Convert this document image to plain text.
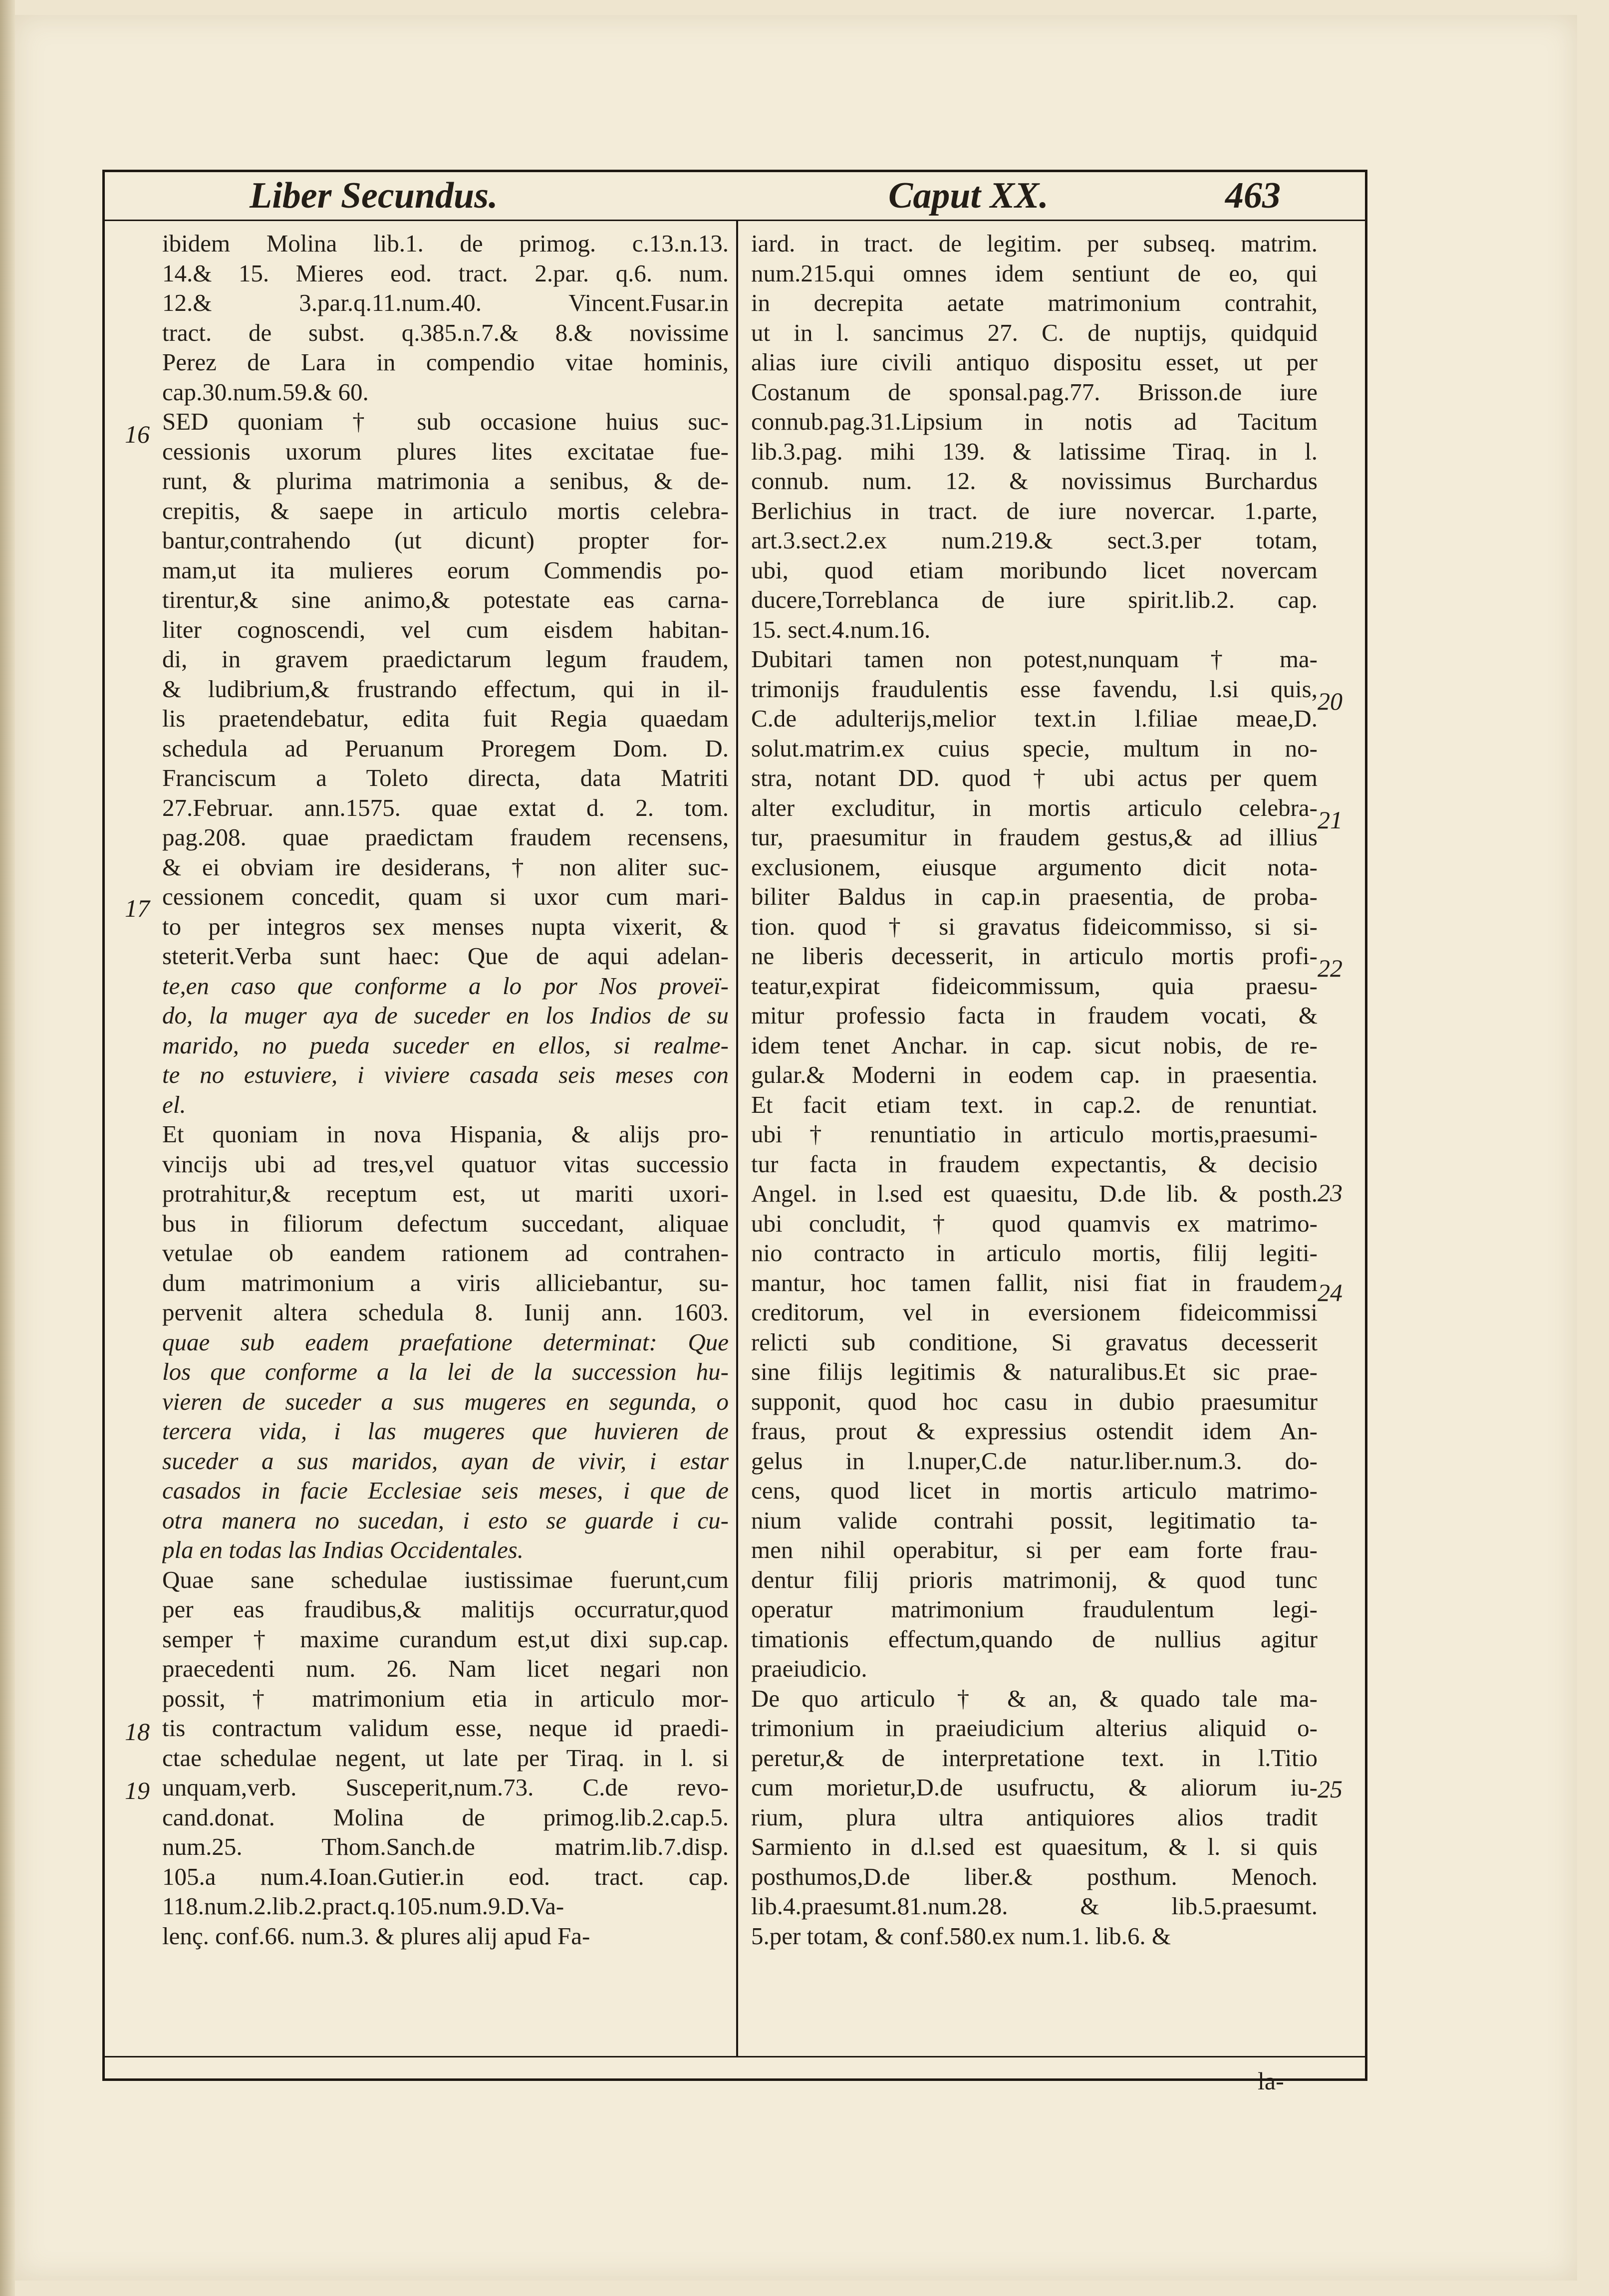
Liber Secundus.	Caput XX.	463
ibidem Molina lib.1. de primog. c.13.n.13.
14.& 15. Mieres eod. tract. 2.par. q.6. num.
12.& 3.par.q.11.num.40. Vincent.Fusar.in
tract. de subst. q.385.n.7.& 8.& novissime
Perez de Lara in compendio vitae hominis,
cap.30.num.59.& 60.
SED quoniam † sub occasione huius suc-
cessionis uxorum plures lites excitatae fue-
runt, & plurima matrimonia a senibus, & de-
crepitis, & saepe in articulo mortis celebra-
bantur,contrahendo (ut dicunt) propter for-
mam,ut ita mulieres eorum Commendis po-
tirentur,& sine animo,& potestate eas carna-
liter cognoscendi, vel cum eisdem habitan-
di, in gravem praedictarum legum fraudem,
& ludibrium,& frustrando effectum, qui in il-
lis praetendebatur, edita fuit Regia quaedam
schedula ad Peruanum Proregem Dom. D.
Franciscum a Toleto directa, data Matriti
27.Februar. ann.1575. quae extat d. 2. tom.
pag.208. quae praedictam fraudem recensens,
& ei obviam ire desiderans, † non aliter suc-
cessionem concedit, quam si uxor cum mari-
to per integros sex menses nupta vixerit, &
steterit.Verba sunt haec: Que de aqui adelan-
te,en caso que conforme a lo por Nos proveï-
do, la muger aya de suceder en los Indios de su
marido, no pueda suceder en ellos, si realme-
te no estuviere, i viviere casada seis meses con
el.
Et quoniam in nova Hispania, & alijs pro-
vincijs ubi ad tres,vel quatuor vitas successio
protrahitur,& receptum est, ut mariti uxori-
bus in filiorum defectum succedant, aliquae
vetulae ob eandem rationem ad contrahen-
dum matrimonium a viris alliciebantur, su-
pervenit altera schedula 8. Iunij ann. 1603.
quae sub eadem praefatione determinat: Que
los que conforme a la lei de la succession hu-
vieren de suceder a sus mugeres en segunda, o
tercera vida, i las mugeres que huvieren de
suceder a sus maridos, ayan de vivir, i estar
casados in facie Ecclesiae seis meses, i que de
otra manera no sucedan, i esto se guarde i cu-
pla en todas las Indias Occidentales.
Quae sane schedulae iustissimae fuerunt,cum
per eas fraudibus,& malitijs occurratur,quod
semper † maxime curandum est,ut dixi sup.cap.
praecedenti num. 26. Nam licet negari non
possit, † matrimonium etia in articulo mor-
tis contractum validum esse, neque id praedi-
ctae schedulae negent, ut late per Tiraq. in l. si
unquam,verb. Susceperit,num.73. C.de revo-
cand.donat. Molina de primog.lib.2.cap.5.
num.25. Thom.Sanch.de matrim.lib.7.disp.
105.a num.4.Ioan.Gutier.in eod. tract. cap.
118.num.2.lib.2.pract.q.105.num.9.D.Va-
lenç. conf.66. num.3. & plures alij apud Fa-
iard. in tract. de legitim. per subseq. matrim.
num.215.qui omnes idem sentiunt de eo, qui
in decrepita aetate matrimonium contrahit,
ut in l. sancimus 27. C. de nuptijs, quidquid
alias iure civili antiquo dispositu esset, ut per
Costanum de sponsal.pag.77. Brisson.de iure
connub.pag.31.Lipsium in notis ad Tacitum
lib.3.pag. mihi 139. & latissime Tiraq. in l.
connub. num. 12. & novissimus Burchardus
Berlichius in tract. de iure novercar. 1.parte,
art.3.sect.2.ex num.219.& sect.3.per totam,
ubi, quod etiam moribundo licet novercam
ducere,Torreblanca de iure spirit.lib.2. cap.
15. sect.4.num.16.
Dubitari tamen non potest,nunquam † ma-
trimonijs fraudulentis esse favendu, l.si quis,
C.de adulterijs,melior text.in l.filiae meae,D.
solut.matrim.ex cuius specie, multum in no-
stra, notant DD. quod † ubi actus per quem
alter excluditur, in mortis articulo celebra-
tur, praesumitur in fraudem gestus,& ad illius
exclusionem, eiusque argumento dicit nota-
biliter Baldus in cap.in praesentia, de proba-
tion. quod † si gravatus fideicommisso, si si-
ne liberis decesserit, in articulo mortis profi-
teatur,expirat fideicommissum, quia praesu-
mitur professio facta in fraudem vocati, &
idem tenet Anchar. in cap. sicut nobis, de re-
gular.& Moderni in eodem cap. in praesentia.
Et facit etiam text. in cap.2. de renuntiat.
ubi † renuntiatio in articulo mortis,praesumi-
tur facta in fraudem expectantis, & decisio
Angel. in l.sed est quaesitu, D.de lib. & posth.
ubi concludit, † quod quamvis ex matrimo-
nio contracto in articulo mortis, filij legiti-
mantur, hoc tamen fallit, nisi fiat in fraudem
creditorum, vel in eversionem fideicommissi
relicti sub conditione, Si gravatus decesserit
sine filijs legitimis & naturalibus.Et sic prae-
supponit, quod hoc casu in dubio praesumitur
fraus, prout & expressius ostendit idem An-
gelus in l.nuper,C.de natur.liber.num.3. do-
cens, quod licet in mortis articulo matrimo-
nium valide contrahi possit, legitimatio ta-
men nihil operabitur, si per eam forte frau-
dentur filij prioris matrimonij, & quod tunc
operatur matrimonium fraudulentum legi-
timationis effectum,quando de nullius agitur
praeiudicio.
De quo articulo † & an, & quado tale ma-
trimonium in praeiudicium alterius aliquid o-
peretur,& de interpretatione text. in l.Titio
cum morietur,D.de usufructu, & aliorum iu-
rium, plura ultra antiquiores alios tradit
Sarmiento in d.l.sed est quaesitum, & l. si quis
posthumos,D.de liber.& posthum. Menoch.
lib.4.praesumt.81.num.28. & lib.5.praesumt.
5.per totam, & conf.580.ex num.1. lib.6. &
16
17
18
19
20
21
22
23
24
25
la-
